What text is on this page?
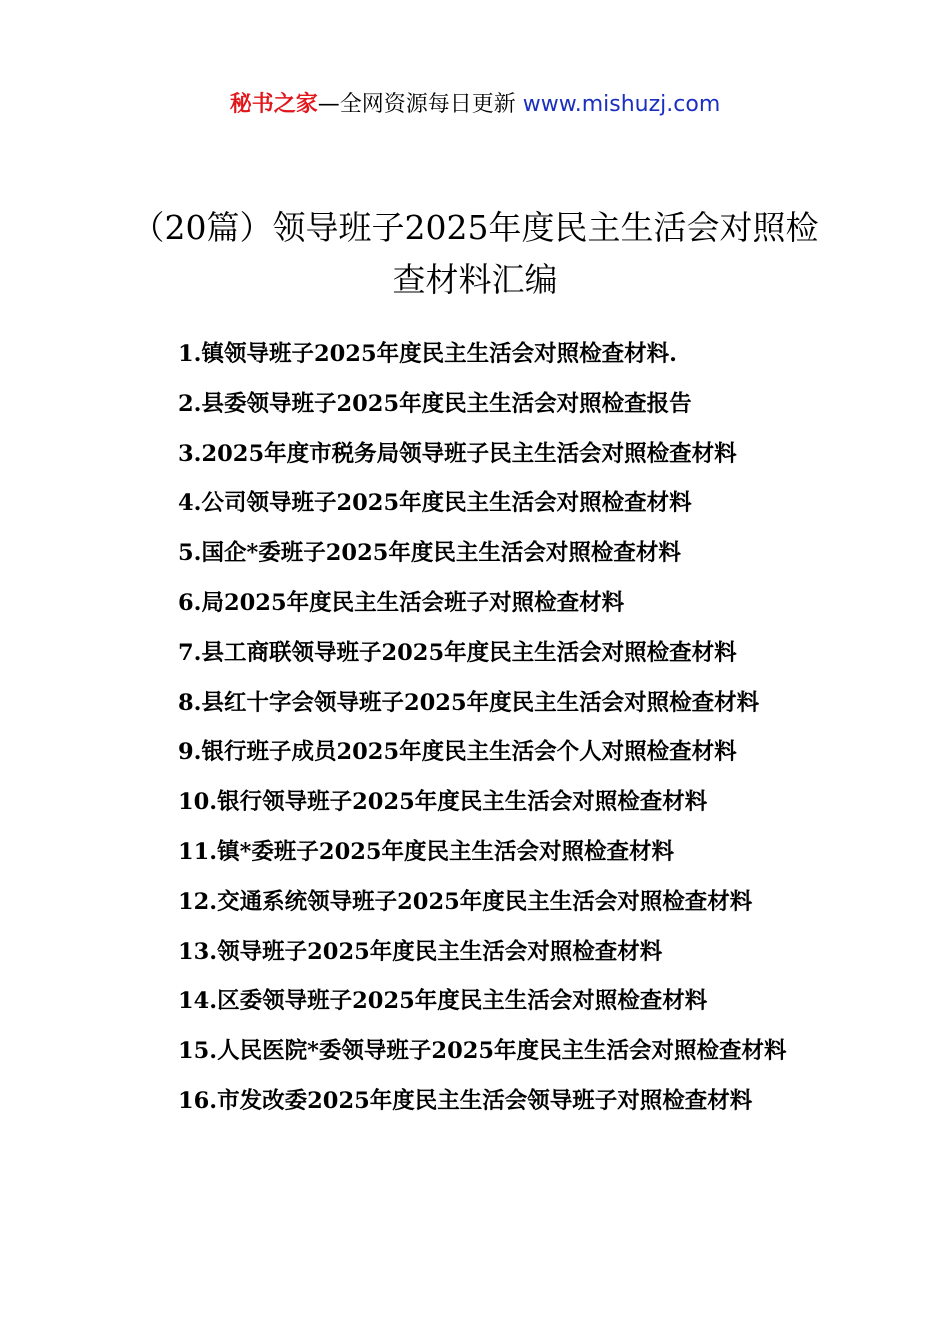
秘书之家—全网资源每日更新 www.mishuzj.com
（20篇）领导班子2025年度民主生活会对照检查材料汇编
1.镇领导班子2025年度民主生活会对照检查材料.
2.县委领导班子2025年度民主生活会对照检查报告
3.2025年度市税务局领导班子民主生活会对照检查材料
4.公司领导班子2025年度民主生活会对照检查材料
5.国企*委班子2025年度民主生活会对照检查材料
6.局2025年度民主生活会班子对照检查材料
7.县工商联领导班子2025年度民主生活会对照检查材料
8.县红十字会领导班子2025年度民主生活会对照检查材料
9.银行班子成员2025年度民主生活会个人对照检查材料
10.银行领导班子2025年度民主生活会对照检查材料
11.镇*委班子2025年度民主生活会对照检查材料
12.交通系统领导班子2025年度民主生活会对照检查材料
13.领导班子2025年度民主生活会对照检查材料
14.区委领导班子2025年度民主生活会对照检查材料
15.人民医院*委领导班子2025年度民主生活会对照检查材料
16.市发改委2025年度民主生活会领导班子对照检查材料
